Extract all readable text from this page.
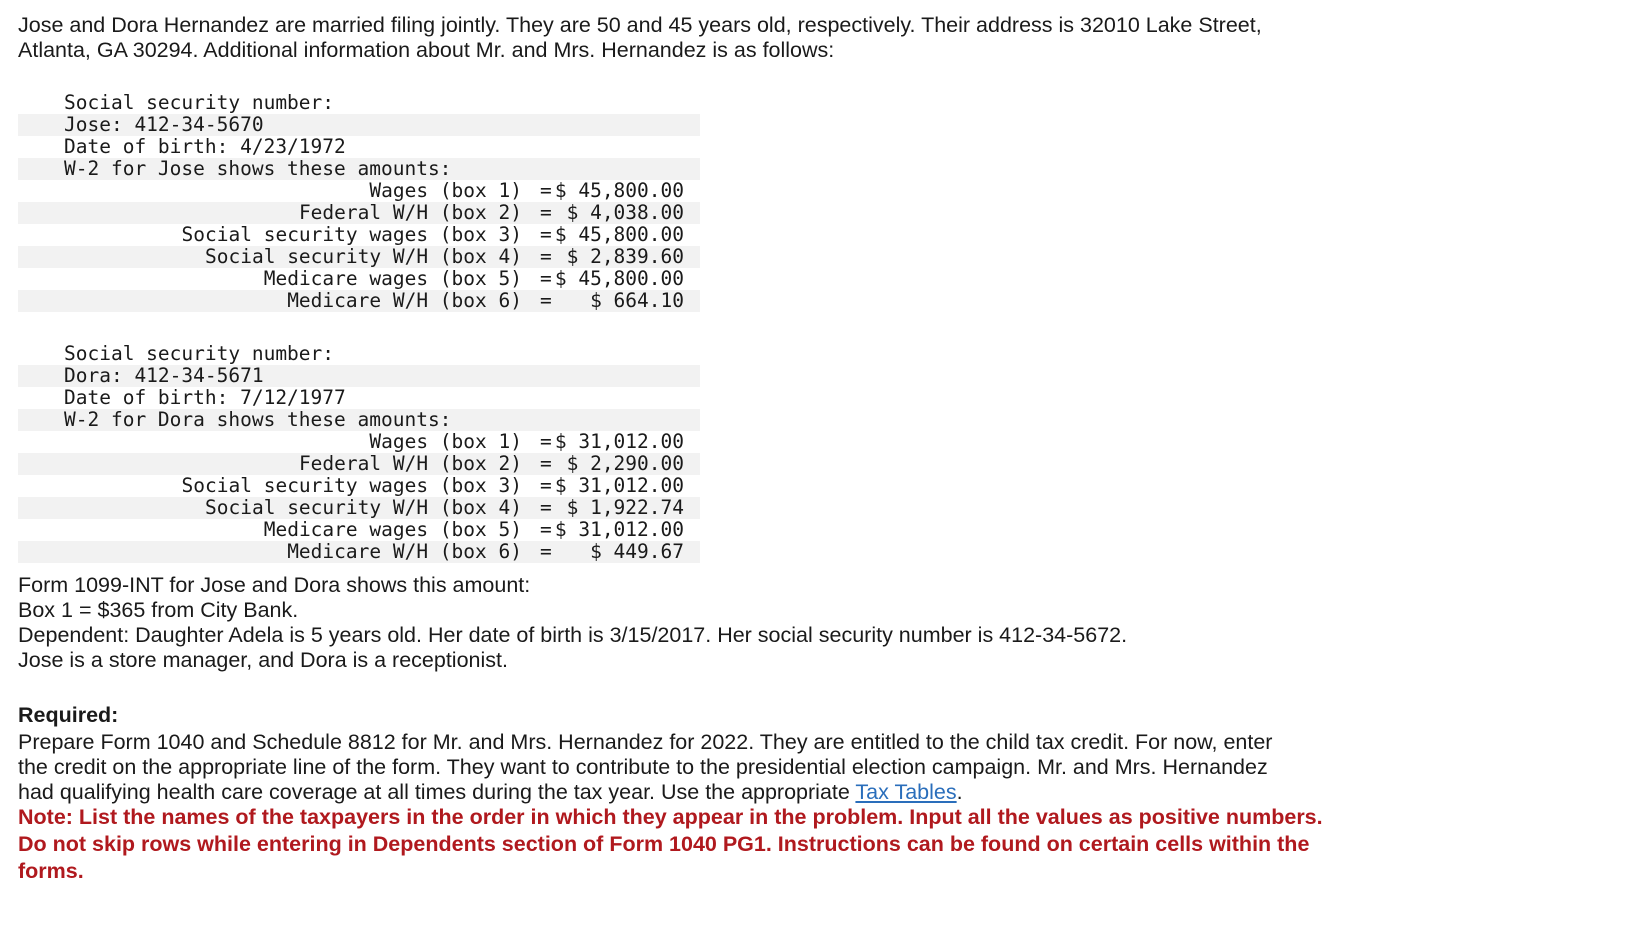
Jose and Dora Hernandez are married filing jointly. They are 50 and 45 years old, respectively. Their address is 32010 Lake Street,

Atlanta, GA 30294. Additional information about Mr. and Mrs. Hernandez is as follows:

Social security number:

Jose: 412-34-5670

Date of birth: 4/23/1972

W-2 for Jose shows these amounts:

Wages (box 1)

=

$ 45,800.00

Federal W/H (box 2)

=

$ 4,038.00

Social security wages (box 3)

=

$ 45,800.00

Social security W/H (box 4)

=

$ 2,839.60

Medicare wages (box 5)

=

$ 45,800.00

Medicare W/H (box 6)

=

$ 664.10

Social security number:

Dora: 412-34-5671

Date of birth: 7/12/1977

W-2 for Dora shows these amounts:

Wages (box 1)

=

$ 31,012.00

Federal W/H (box 2)

=

$ 2,290.00

Social security wages (box 3)

=

$ 31,012.00

Social security W/H (box 4)

=

$ 1,922.74

Medicare wages (box 5)

=

$ 31,012.00

Medicare W/H (box 6)

=

$ 449.67

Form 1099-INT for Jose and Dora shows this amount:

Box 1 = $365 from City Bank.

Dependent: Daughter Adela is 5 years old. Her date of birth is 3/15/2017. Her social security number is 412-34-5672.

Jose is a store manager, and Dora is a receptionist.

Required:

Prepare Form 1040 and Schedule 8812 for Mr. and Mrs. Hernandez for 2022. They are entitled to the child tax credit. For now, enter

the credit on the appropriate line of the form. They want to contribute to the presidential election campaign. Mr. and Mrs. Hernandez

had qualifying health care coverage at all times during the tax year. Use the appropriate Tax Tables.

Note: List the names of the taxpayers in the order in which they appear in the problem. Input all the values as positive numbers.

Do not skip rows while entering in Dependents section of Form 1040 PG1. Instructions can be found on certain cells within the

forms.
